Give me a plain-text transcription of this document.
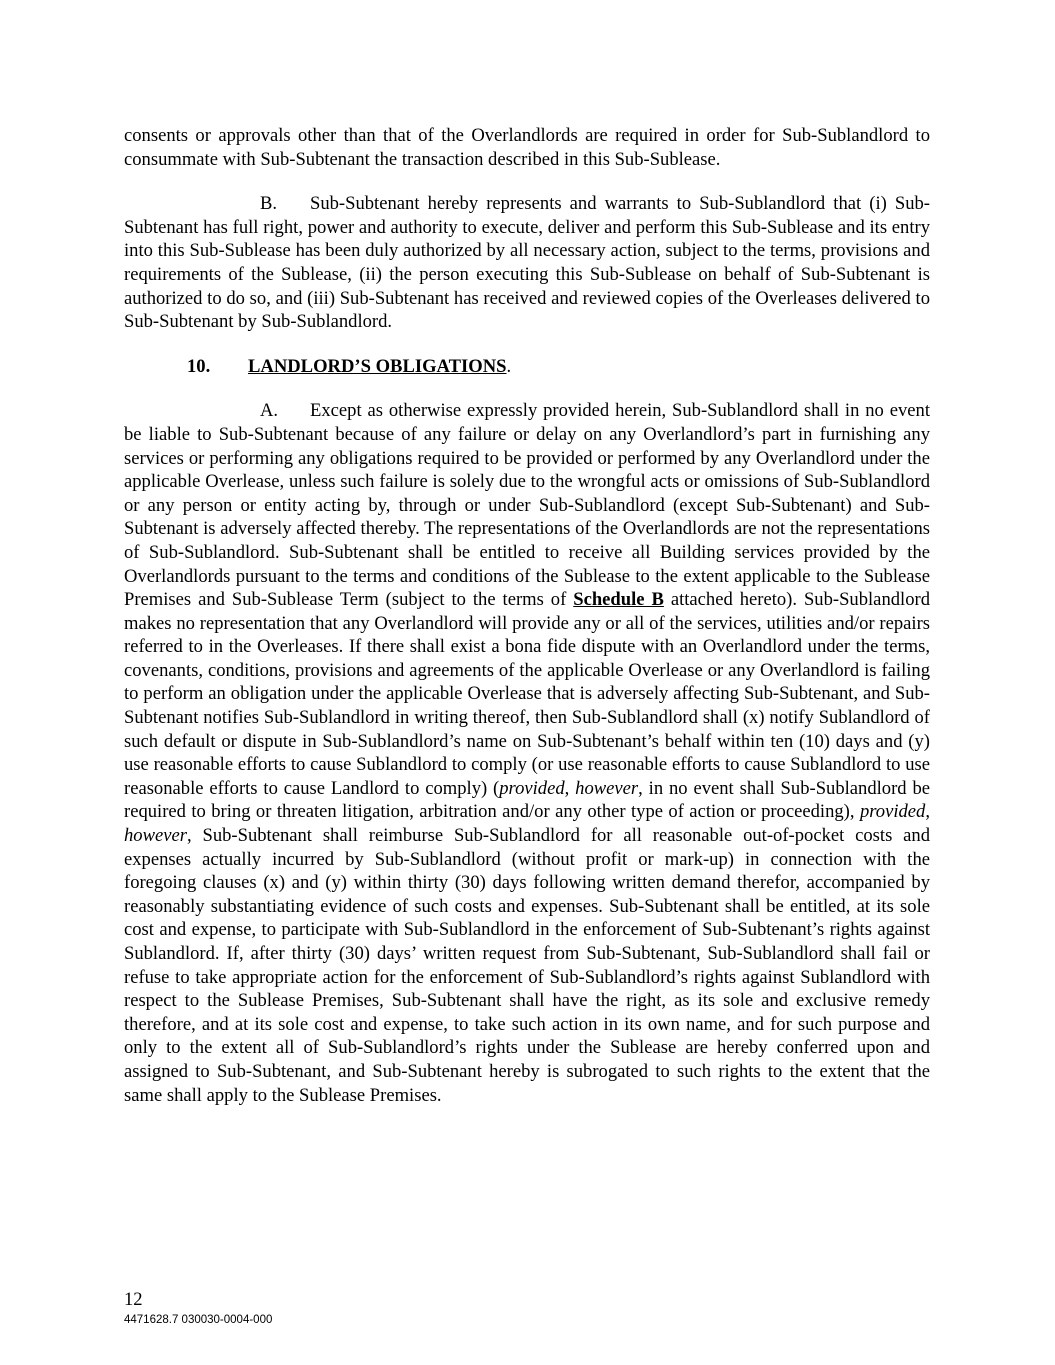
consents or approvals other than that of the Overlandlords are required in order for Sub-Sublandlord to consummate with Sub-Subtenant the transaction described in this Sub-Sublease.

B. Sub-Subtenant hereby represents and warrants to Sub-Sublandlord that (i) Sub-Subtenant has full right, power and authority to execute, deliver and perform this Sub-Sublease and its entry into this Sub-Sublease has been duly authorized by all necessary action, subject to the terms, provisions and requirements of the Sublease, (ii) the person executing this Sub-Sublease on behalf of Sub-Subtenant is authorized to do so, and (iii) Sub-Subtenant has received and reviewed copies of the Overleases delivered to Sub-Subtenant by Sub-Sublandlord.

10. LANDLORD’S OBLIGATIONS.

A. Except as otherwise expressly provided herein, Sub-Sublandlord shall in no event be liable to Sub-Subtenant because of any failure or delay on any Overlandlord’s part in furnishing any services or performing any obligations required to be provided or performed by any Overlandlord under the applicable Overlease, unless such failure is solely due to the wrongful acts or omissions of Sub-Sublandlord or any person or entity acting by, through or under Sub-Sublandlord (except Sub-Subtenant) and Sub-Subtenant is adversely affected thereby. The representations of the Overlandlords are not the representations of Sub-Sublandlord. Sub-Subtenant shall be entitled to receive all Building services provided by the Overlandlords pursuant to the terms and conditions of the Sublease to the extent applicable to the Sublease Premises and Sub-Sublease Term (subject to the terms of Schedule B attached hereto). Sub-Sublandlord makes no representation that any Overlandlord will provide any or all of the services, utilities and/or repairs referred to in the Overleases. If there shall exist a bona fide dispute with an Overlandlord under the terms, covenants, conditions, provisions and agreements of the applicable Overlease or any Overlandlord is failing to perform an obligation under the applicable Overlease that is adversely affecting Sub-Subtenant, and Sub-Subtenant notifies Sub-Sublandlord in writing thereof, then Sub-Sublandlord shall (x) notify Sublandlord of such default or dispute in Sub-Sublandlord’s name on Sub-Subtenant’s behalf within ten (10) days and (y) use reasonable efforts to cause Sublandlord to comply (or use reasonable efforts to cause Sublandlord to use reasonable efforts to cause Landlord to comply) (provided, however, in no event shall Sub-Sublandlord be required to bring or threaten litigation, arbitration and/or any other type of action or proceeding), provided, however, Sub-Subtenant shall reimburse Sub-Sublandlord for all reasonable out-of-pocket costs and expenses actually incurred by Sub-Sublandlord (without profit or mark-up) in connection with the foregoing clauses (x) and (y) within thirty (30) days following written demand therefor, accompanied by reasonably substantiating evidence of such costs and expenses. Sub-Subtenant shall be entitled, at its sole cost and expense, to participate with Sub-Sublandlord in the enforcement of Sub-Subtenant’s rights against Sublandlord. If, after thirty (30) days’ written request from Sub-Subtenant, Sub-Sublandlord shall fail or refuse to take appropriate action for the enforcement of Sub-Sublandlord’s rights against Sublandlord with respect to the Sublease Premises, Sub-Subtenant shall have the right, as its sole and exclusive remedy therefore, and at its sole cost and expense, to take such action in its own name, and for such purpose and only to the extent all of Sub-Sublandlord’s rights under the Sublease are hereby conferred upon and assigned to Sub-Subtenant, and Sub-Subtenant hereby is subrogated to such rights to the extent that the same shall apply to the Sublease Premises.

12
4471628.7 030030-0004-000
